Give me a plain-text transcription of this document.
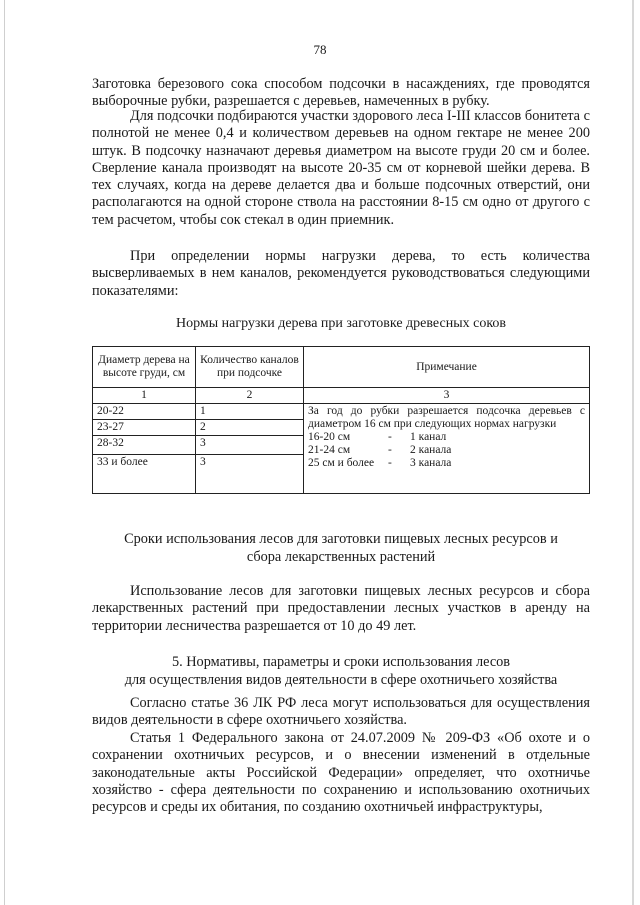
78

Заготовка березового сока способом подсочки в насаждениях, где проводятся выборочные рубки, разрешается с деревьев, намеченных в рубку.

Для подсочки подбираются участки здорового леса I-III классов бонитета с полнотой не менее 0,4 и количеством деревьев на одном гектаре не менее 200 штук. В подсочку назначают деревья диаметром на высоте груди 20 см и более. Сверление канала производят на высоте 20-35 см от корневой шейки дерева. В тех случаях, когда на дереве делается два и больше подсочных отверстий, они располагаются на одной стороне ствола на расстоянии 8-15 см одно от другого с тем расчетом, чтобы сок стекал в один приемник.

При определении нормы нагрузки дерева, то есть количества высверливаемых в нем каналов, рекомендуется руководствоваться следующими показателями:

Нормы нагрузки дерева при заготовке древесных соков
Диаметр дерева на высоте груди, см	Количество каналов при подсочке	Примечание
1	2	3
20-22	1	За год до рубки разрешается подсочка деревьев с диаметром 16 см при следующих нормах нагрузки
16-20 см - 1 канал
21-24 см - 2 канала
25 см и более - 3 канала

23-27	2	
28-32	3	
33 и более	3	
Сроки использования лесов для заготовки пищевых лесных ресурсов и
сбора лекарственных растений

Использование лесов для заготовки пищевых лесных ресурсов и сбора лекарственных растений при предоставлении лесных участков в аренду на территории лесничества разрешается от 10 до 49 лет.

5. Нормативы, параметры и сроки использования лесов
для осуществления видов деятельности в сфере охотничьего хозяйства

Согласно статье 36 ЛК РФ леса могут использоваться для осуществления видов деятельности в сфере охотничьего хозяйства.

Статья 1 Федерального закона от 24.07.2009 № 209-ФЗ «Об охоте и о сохранении охотничьих ресурсов, и о внесении изменений в отдельные законодательные акты Российской Федерации» определяет, что охотничье хозяйство - сфера деятельности по сохранению и использованию охотничьих ресурсов и среды их обитания, по созданию охотничьей инфраструктуры,
